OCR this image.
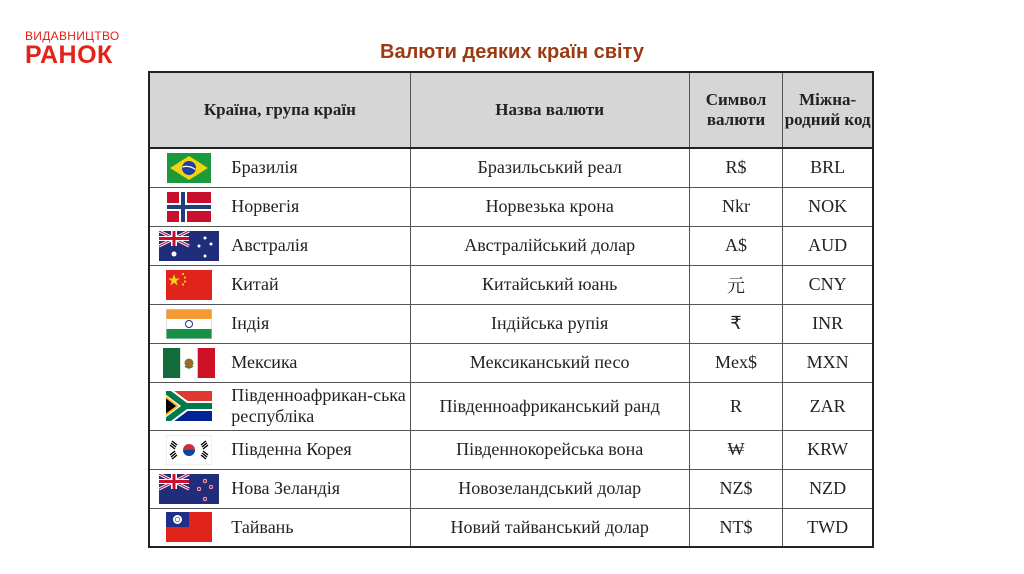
ВИДАВНИЦТВО
РАНОК	Валюти деяких країн світу
Країна, група країн		Назва валюти	Символ валюти	Міжна-родний код

	Бразилія	Бразильський реал	R$	BRL

	Норвегія	Норвезька крона	Nkr	NOK

	Австралія	Австралійський долар	A$	AUD

	Китай	Китайський юань	元	CNY

	Індія	Індійська рупія	₹	INR

	Мексика	Мексиканський песо	Mex$	MXN

	Південноафрикан-ська республіка	Південноафриканський ранд	R	ZAR

	Південна Корея	Південнокорейська вона	₩	KRW

	Нова Зеландія	Новозеландський долар	NZ$	NZD

	Тайвань	Новий тайванський долар	NT$	TWD
